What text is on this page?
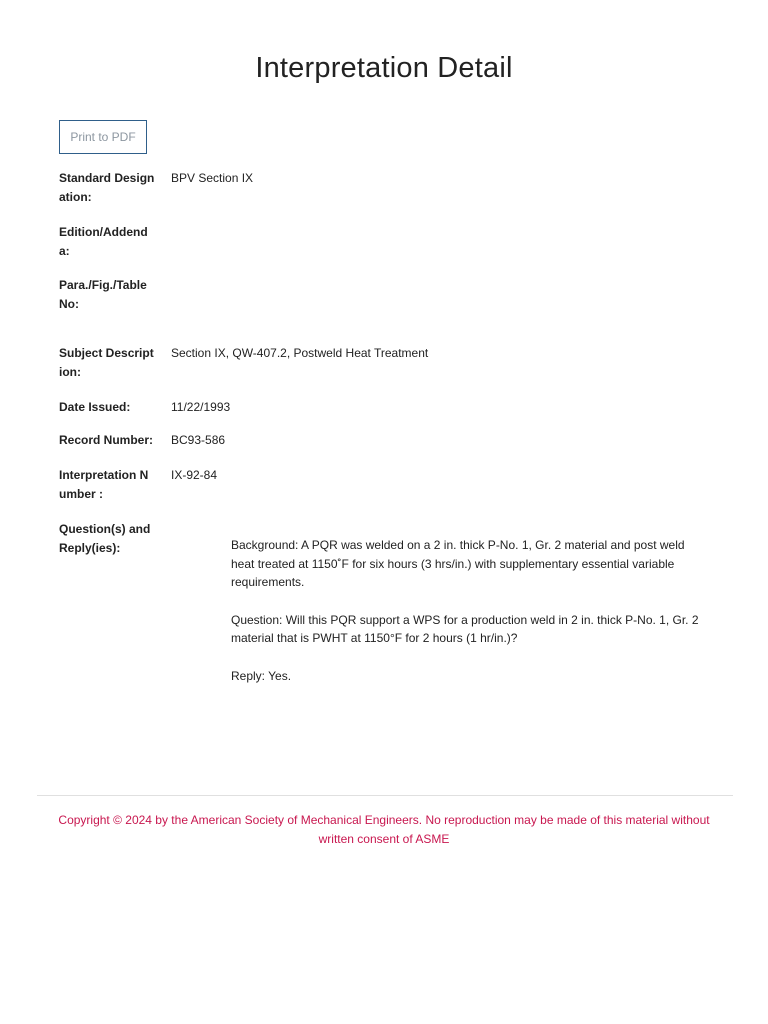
Interpretation Detail
Print to PDF
Standard Designation:
BPV Section IX
Edition/Addenda:
Para./Fig./Table No:
Subject Description:
Section IX, QW-407.2, Postweld Heat Treatment
Date Issued:	11/22/1993
Record Number: BC93-586
Interpretation Number :
IX-92-84
Question(s) and Reply(ies):	Background: A PQR was welded on a 2 in. thick P-No. 1, Gr. 2 material and post weld heat treated at 1150˚F for six hours (3 hrs/in.) with supplementary essential variable requirements.

Question: Will this PQR support a WPS for a production weld in 2 in. thick P-No. 1, Gr. 2 material that is PWHT at 1150°F for 2 hours (1 hr/in.)?

Reply: Yes.

Copyright © 2024 by the American Society of Mechanical Engineers. No reproduction may be made of this material without written consent of ASME
